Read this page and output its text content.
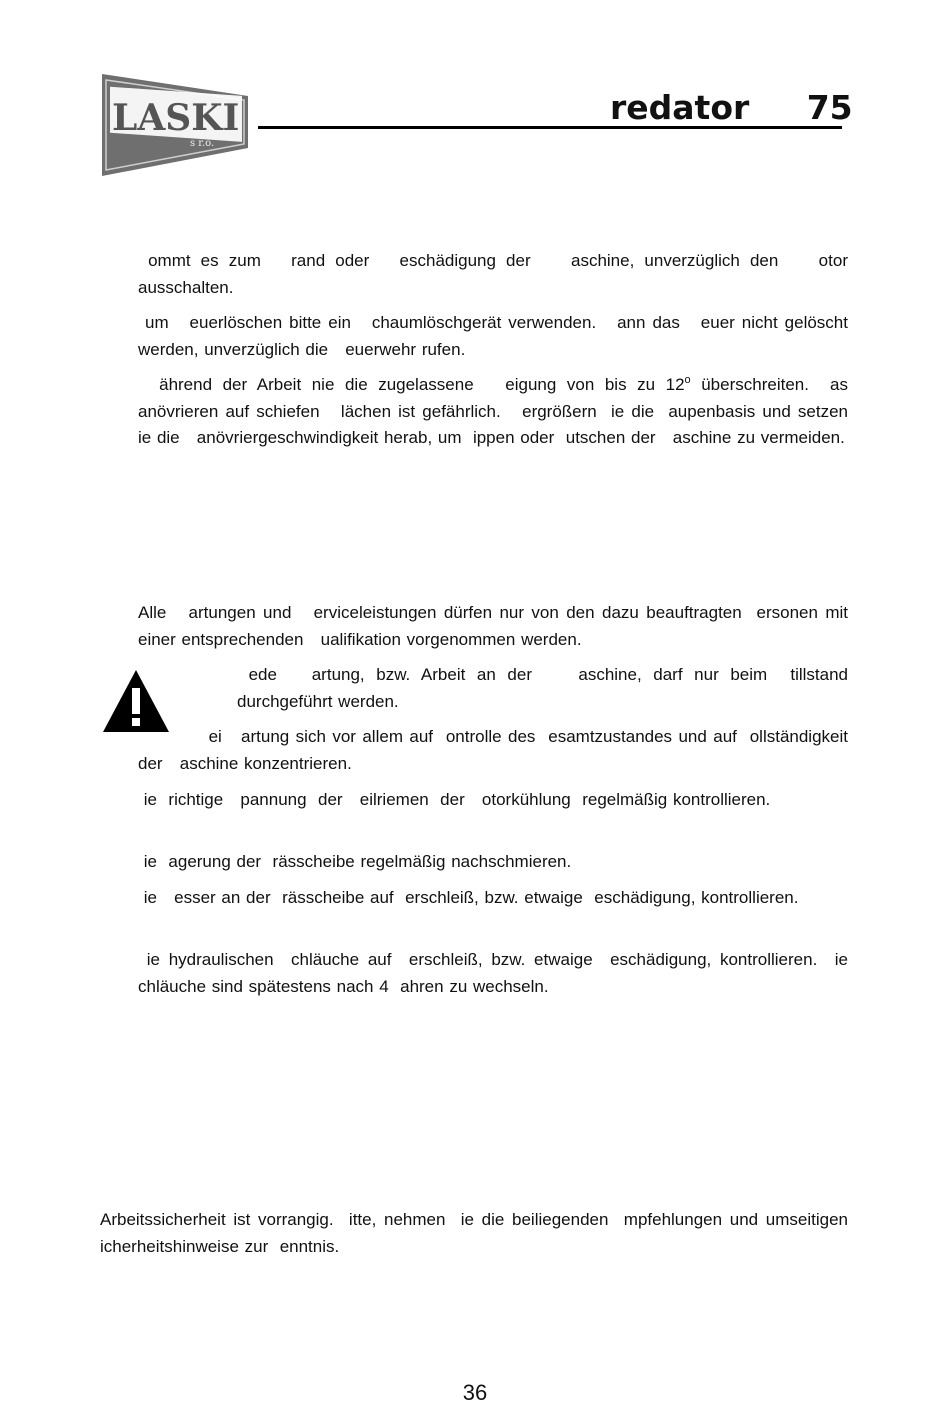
LASKI
s r.o.
redator     75
ommt es zum   rand oder   eschädigung der    aschine, unverzüglich den    otor ausschalten.
um   euerlöschen bitte ein   chaumlöschgerät verwenden.   ann das   euer nicht gelöscht werden, unverzüglich die   euerwehr rufen.
ährend der Arbeit nie die zugelassene   eigung von bis zu 12$^o$ überschreiten.  as   anövrieren auf schiefen   lächen ist gefährlich.   ergrößern  ie die  aupenbasis und setzen  ie die   anövriergeschwindigkeit herab, um  ippen oder  utschen der   aschine zu vermeiden.
Alle   artungen und   erviceleistungen dürfen nur von den dazu beauftragten  ersonen mit einer entsprechenden   ualifikation vorgenommen werden.
ede   artung, bzw. Arbeit an der    aschine, darf nur beim  tillstand durchgeführt werden.
ei   artung sich vor allem auf  ontrolle des  esamtzustandes und auf  ollständigkeit der   aschine konzentrieren.
ie  richtige   pannung  der   eilriemen  der   otorkühlung  regelmäßig kontrollieren.
ie  agerung der  rässcheibe regelmäßig nachschmieren.
ie   esser an der  rässcheibe auf  erschleiß, bzw. etwaige  eschädigung, kontrollieren.
ie hydraulischen  chläuche auf  erschleiß, bzw. etwaige  eschädigung, kontrollieren.  ie  chläuche sind spätestens nach 4  ahren zu wechseln.
Arbeitssicherheit ist vorrangig.  itte, nehmen  ie die beiliegenden  mpfehlungen und umseitigen  icherheitshinweise zur  enntnis.
36
